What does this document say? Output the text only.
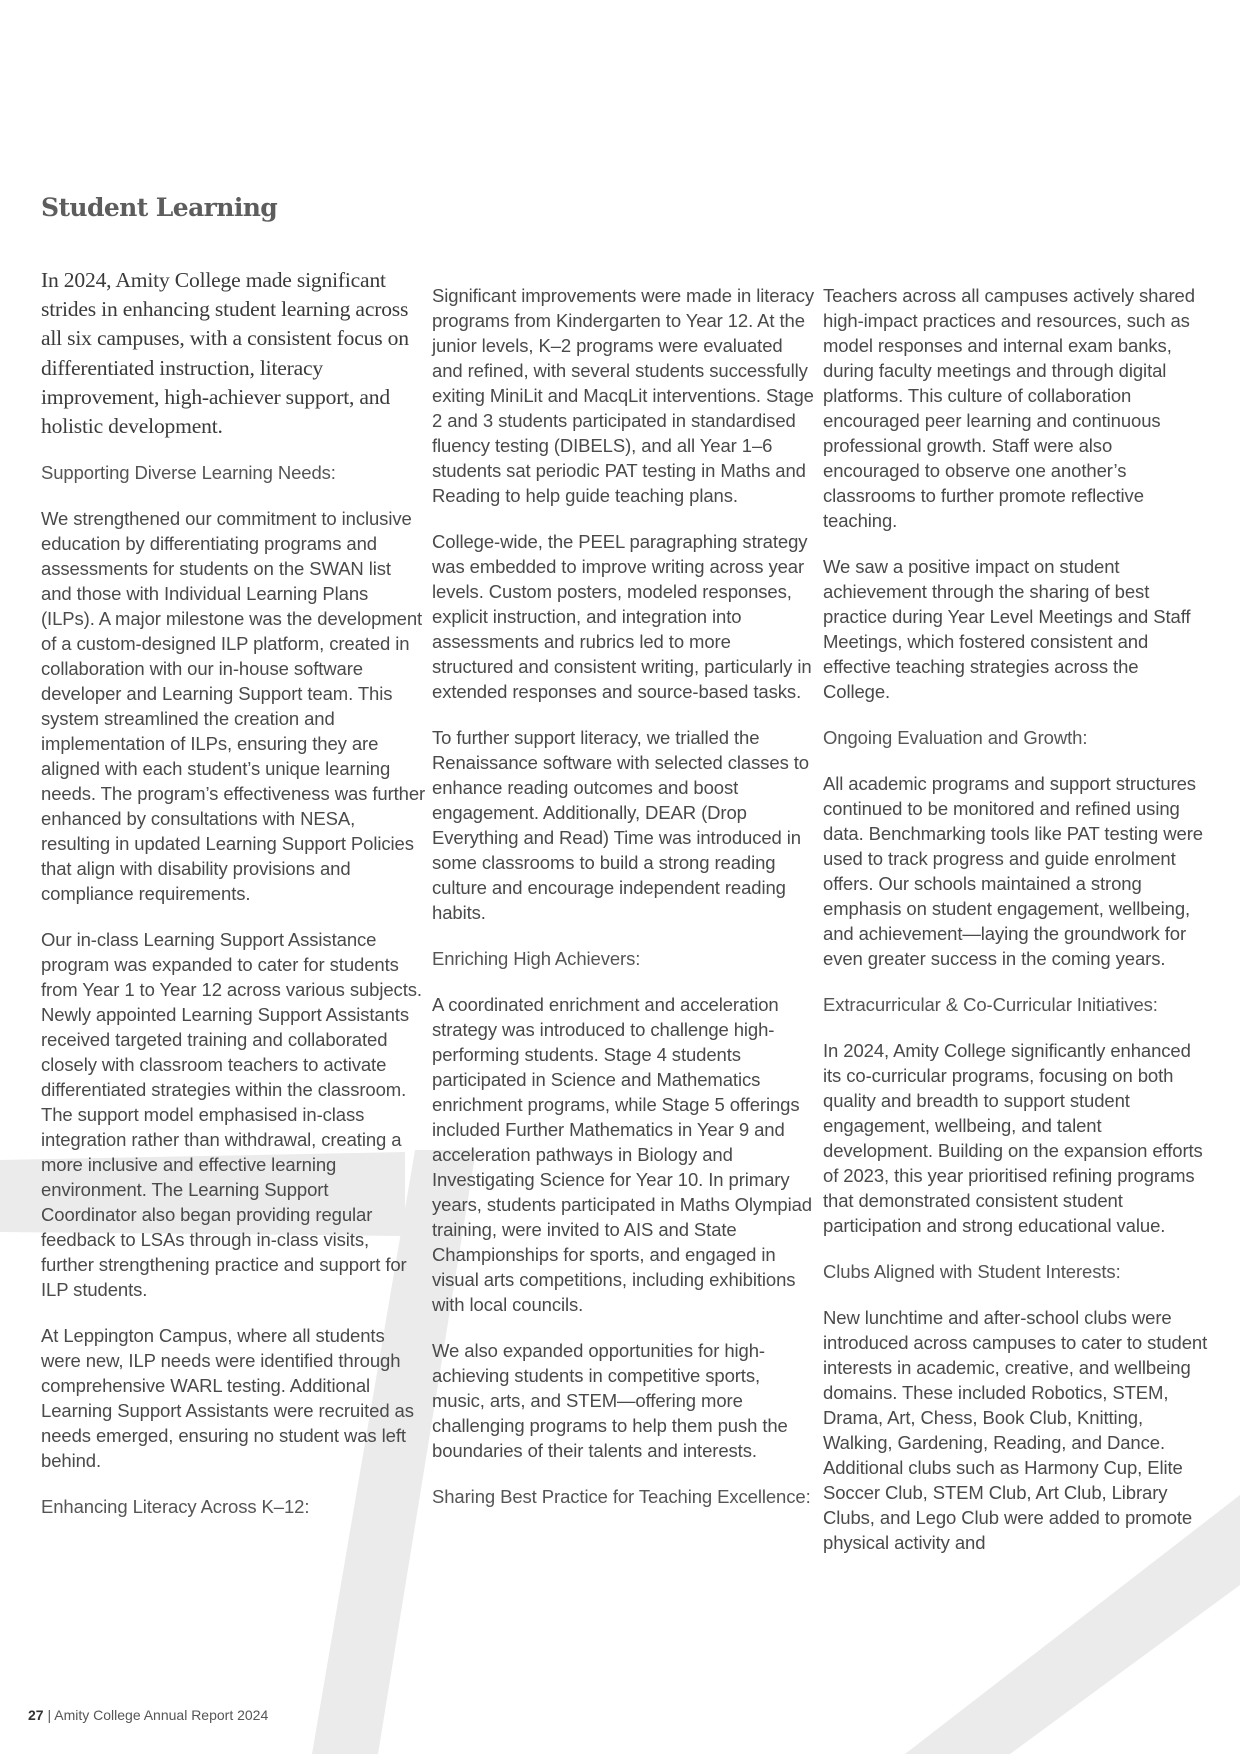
Student Learning

In 2024, Amity College made significant strides in enhancing student learning across all six campuses, with a consistent focus on differentiated instruction, literacy improvement, high-achiever support, and holistic development.

Supporting Diverse Learning Needs:

We strengthened our commitment to inclusive education by differentiating programs and assessments for students on the SWAN list and those with Individual Learning Plans (ILPs). A major milestone was the development of a custom-designed ILP platform, created in collaboration with our in-house software developer and Learning Support team. This system streamlined the creation and implementation of ILPs, ensuring they are aligned with each student’s unique learning needs. The program’s effectiveness was further enhanced by consultations with NESA, resulting in updated Learning Support Policies that align with disability provisions and compliance requirements.

Our in-class Learning Support Assistance program was expanded to cater for students from Year 1 to Year 12 across various subjects. Newly appointed Learning Support Assistants received targeted training and collaborated closely with classroom teachers to activate differentiated strategies within the classroom. The support model emphasised in-class integration rather than withdrawal, creating a more inclusive and effective learning environment. The Learning Support Coordinator also began providing regular feedback to LSAs through in-class visits, further strengthening practice and support for ILP students.

At Leppington Campus, where all students were new, ILP needs were identified through comprehensive WARL testing. Additional Learning Support Assistants were recruited as needs emerged, ensuring no student was left behind.

Enhancing Literacy Across K–12:

Significant improvements were made in literacy programs from Kindergarten to Year 12. At the junior levels, K–2 programs were evaluated and refined, with several students successfully exiting MiniLit and MacqLit interventions. Stage 2 and 3 students participated in standardised fluency testing (DIBELS), and all Year 1–6 students sat periodic PAT testing in Maths and Reading to help guide teaching plans.

College-wide, the PEEL paragraphing strategy was embedded to improve writing across year levels. Custom posters, modeled responses, explicit instruction, and integration into assessments and rubrics led to more structured and consistent writing, particularly in extended responses and source-based tasks.

To further support literacy, we trialled the Renaissance software with selected classes to enhance reading outcomes and boost engagement. Additionally, DEAR (Drop Everything and Read) Time was introduced in some classrooms to build a strong reading culture and encourage independent reading habits.

Enriching High Achievers:

A coordinated enrichment and acceleration strategy was introduced to challenge high-performing students. Stage 4 students participated in Science and Mathematics enrichment programs, while Stage 5 offerings included Further Mathematics in Year 9 and acceleration pathways in Biology and Investigating Science for Year 10. In primary years, students participated in Maths Olympiad training, were invited to AIS and State Championships for sports, and engaged in visual arts competitions, including exhibitions with local councils.

We also expanded opportunities for high-achieving students in competitive sports, music, arts, and STEM—offering more challenging programs to help them push the boundaries of their talents and interests.

Sharing Best Practice for Teaching Excellence:

Teachers across all campuses actively shared high-impact practices and resources, such as model responses and internal exam banks, during faculty meetings and through digital platforms. This culture of collaboration encouraged peer learning and continuous professional growth. Staff were also encouraged to observe one another’s classrooms to further promote reflective teaching.

We saw a positive impact on student achievement through the sharing of best practice during Year Level Meetings and Staff Meetings, which fostered consistent and effective teaching strategies across the College.

Ongoing Evaluation and Growth:

All academic programs and support structures continued to be monitored and refined using data. Benchmarking tools like PAT testing were used to track progress and guide enrolment offers. Our schools maintained a strong emphasis on student engagement, wellbeing, and achievement—laying the groundwork for even greater success in the coming years.

Extracurricular & Co-Curricular Initiatives:

In 2024, Amity College significantly enhanced its co-curricular programs, focusing on both quality and breadth to support student engagement, wellbeing, and talent development. Building on the expansion efforts of 2023, this year prioritised refining programs that demonstrated consistent student participation and strong educational value.

Clubs Aligned with Student Interests:

New lunchtime and after-school clubs were introduced across campuses to cater to student interests in academic, creative, and wellbeing domains. These included Robotics, STEM, Drama, Art, Chess, Book Club, Knitting, Walking, Gardening, Reading, and Dance. Additional clubs such as Harmony Cup, Elite Soccer Club, STEM Club, Art Club, Library Clubs, and Lego Club were added to promote physical activity and

27 | Amity College Annual Report 2024
